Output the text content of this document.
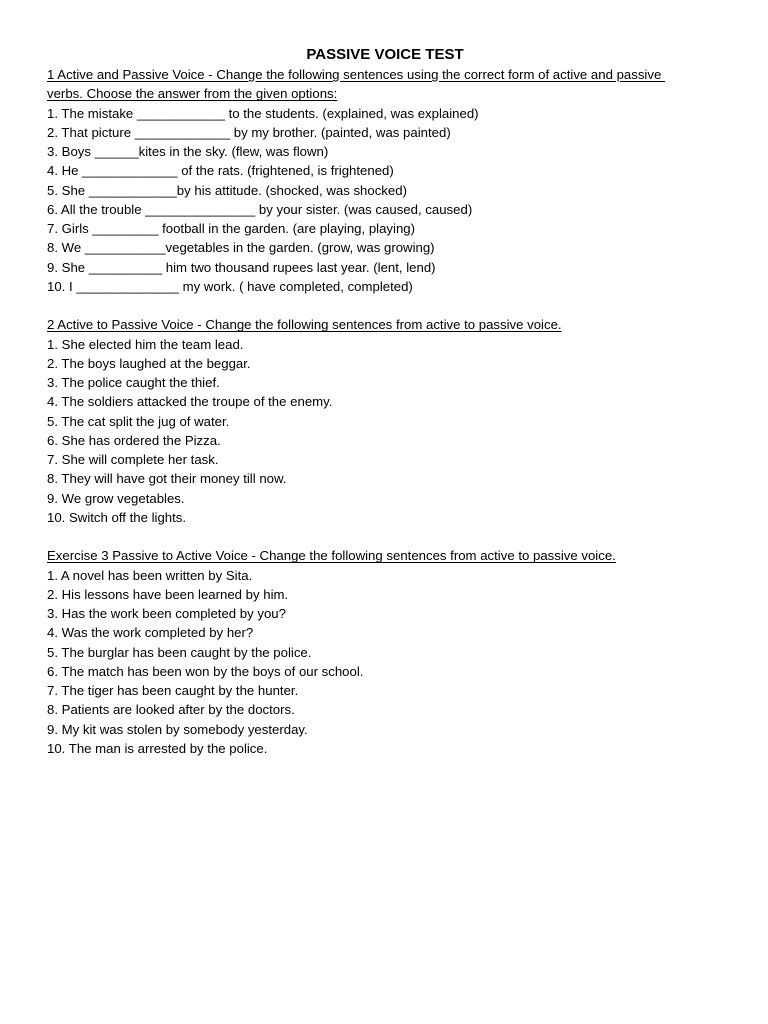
PASSIVE VOICE TEST
1 Active and Passive Voice - Change the following sentences using the correct form of active and passive
verbs. Choose the answer from the given options:
1. The mistake ____________ to the students. (explained, was explained)
2. That picture _____________ by my brother. (painted, was painted)
3. Boys ______kites in the sky. (flew, was flown)
4. He _____________ of the rats. (frightened, is frightened)
5. She ____________by his attitude. (shocked, was shocked)
6. All the trouble _______________ by your sister. (was caused, caused)
7. Girls _________ football in the garden. (are playing, playing)
8. We ___________vegetables in the garden. (grow, was growing)
9. She __________ him two thousand rupees last year. (lent, lend)
10. I ______________ my work. ( have completed, completed)
2 Active to Passive Voice - Change the following sentences from active to passive voice.
1. She elected him the team lead.
2. The boys laughed at the beggar.
3. The police caught the thief.
4. The soldiers attacked the troupe of the enemy.
5. The cat split the jug of water.
6. She has ordered the Pizza.
7. She will complete her task.
8. They will have got their money till now.
9. We grow vegetables.
10. Switch off the lights.
Exercise 3 Passive to Active Voice - Change the following sentences from active to passive voice.
1. A novel has been written by Sita.
2. His lessons have been learned by him.
3. Has the work been completed by you?
4. Was the work completed by her?
5. The burglar has been caught by the police.
6. The match has been won by the boys of our school.
7. The tiger has been caught by the hunter.
8. Patients are looked after by the doctors.
9. My kit was stolen by somebody yesterday.
10. The man is arrested by the police.
